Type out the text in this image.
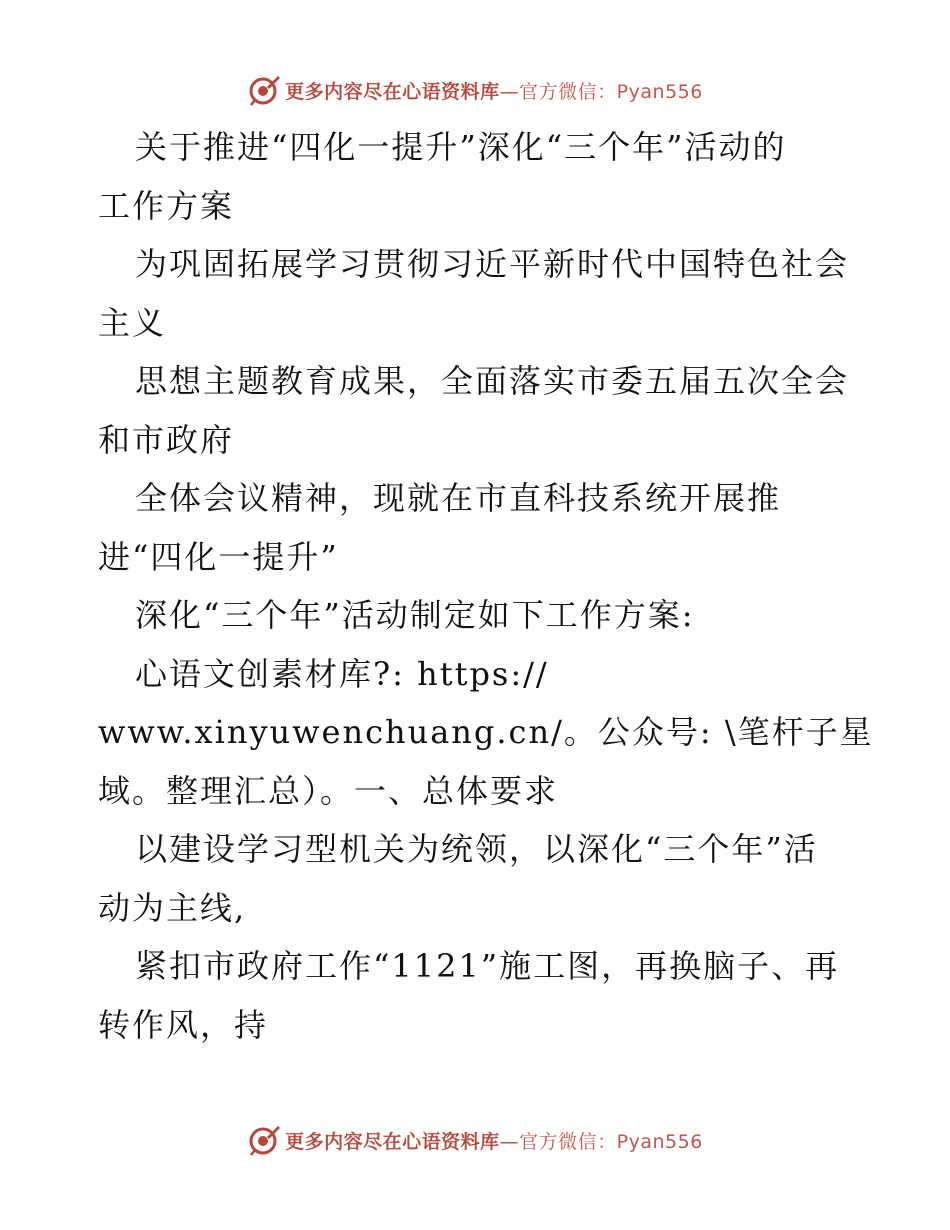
更多内容尽在心语资料库—官方微信：Pyan556
关于推进“四化一提升”深化“三个年”活动的
工作方案
为巩固拓展学习贯彻习近平新时代中国特色社会
主义
思想主题教育成果，全面落实市委五届五次全会
和市政府
全体会议精神，现就在市直科技系统开展推
进“四化一提升”
深化“三个年”活动制定如下工作方案:
心语文创素材库?: https://
www.xinyuwenchuang.cn/。公众号: \笔杆子星
域。整理汇总）。一、总体要求
以建设学习型机关为统领，以深化“三个年”活
动为主线,
紧扣市政府工作“1121”施工图，再换脑子、再
转作风，持
更多内容尽在心语资料库—官方微信：Pyan556
